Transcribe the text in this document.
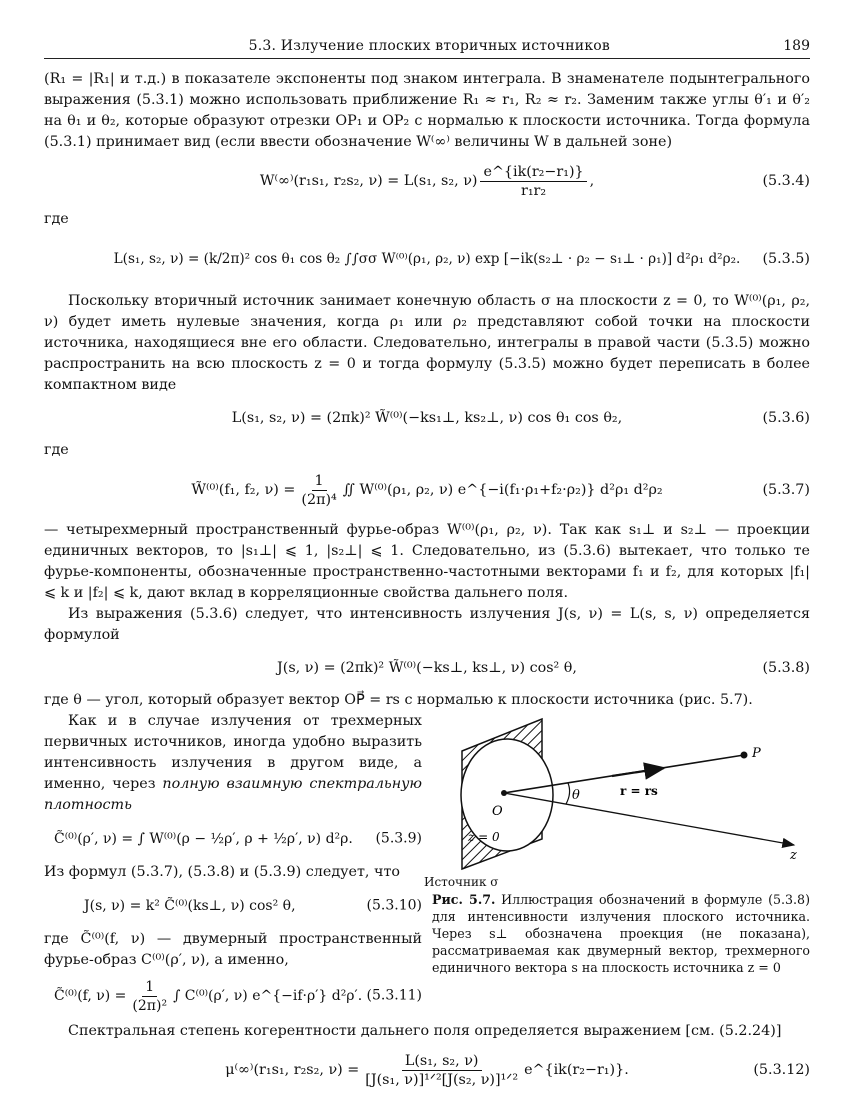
5.3. Излучение плоских вторичных источников	189

(R₁ = |R₁| и т.д.) в показателе экспоненты под знаком интеграла. В знаменателе подынтегрального выражения (5.3.1) можно использовать приближение R₁ ≈ r₁, R₂ ≈ r₂. Заменим также углы θ′₁ и θ′₂ на θ₁ и θ₂, которые образуют отрезки OP₁ и OP₂ с нормалью к плоскости источника. Тогда формула (5.3.1) принимает вид (если ввести обозначение W⁽∞⁾ величины W в дальней зоне)

W⁽∞⁾(r₁s₁, r₂s₂, ν) = L(s₁, s₂, $\nu) \frac{\text{e\textasciicircum{}\{ik(r₂−r₁)\}}}{\text{r₁r₂}}$ ,	(5.3.4)
где
L(s₁, s₂, ν) = (k/2π)² cos θ₁ cos θ₂ ∫∫σσ W⁽⁰⁾(ρ₁, ρ₂, ν) exp [−ik(s₂⊥ · ρ₂ − s₁⊥ · ρ₁)] d²ρ₁ d²ρ₂. (5.3.5)

Поскольку вторичный источник занимает конечную область σ на плоскости z = 0, то W⁽⁰⁾(ρ₁, ρ₂, ν) будет иметь нулевые значения, когда ρ₁ или ρ₂ представляют собой точки на плоскости источника, находящиеся вне его области. Следовательно, интегралы в правой части (5.3.5) можно распространить на всю плоскость z = 0 и тогда формулу (5.3.5) можно будет переписать в более компактном виде

L(s₁, s₂, ν) = (2πk)² W̃⁽⁰⁾(−ks₁⊥, ks₂⊥, ν) cos θ₁ cos θ₂,	(5.3.6)
где
W̃⁽⁰⁾(f₁, f₂, $\nu) = \frac{1}{\text{(2π)⁴}}$ ∬ W⁽⁰⁾(ρ₁, ρ₂, ν) e^{−i(f₁·ρ₁+f₂·ρ₂)} d²ρ₁ d²ρ₂	(5.3.7)

— четырехмерный пространственный фурье-образ W⁽⁰⁾(ρ₁, ρ₂, ν). Так как s₁⊥ и s₂⊥ — проекции единичных векторов, то |s₁⊥| ⩽ 1, |s₂⊥| ⩽ 1. Следовательно, из (5.3.6) вытекает, что только те фурье-компоненты, обозначенные пространственно-частотными векторами f₁ и f₂, для которых |f₁| ⩽ k и |f₂| ⩽ k, дают вклад в корреляционные свойства дальнего поля.

Из выражения (5.3.6) следует, что интенсивность излучения J(s, ν) = L(s, s, ν) определяется формулой

J(s, ν) = (2πk)² W̃⁽⁰⁾(−ks⊥, ks⊥, ν) cos² θ,	(5.3.8)

где θ — угол, который образует вектор OP⃗ = rs с нормалью к плоскости источника (рис. 5.7).

Как и в случае излучения от трехмерных первичных источников, иногда удобно выразить интенсивность излучения в другом виде, а именно, через полную взаимную спектральную плотность

C̃⁽⁰⁾(ρ′, ν) = ∫ W⁽⁰⁾(ρ − ½ρ′, ρ + ½ρ′, ν) d²ρ. (5.3.9)

Из формул (5.3.7), (5.3.8) и (5.3.9) следует, что

J(s, ν) = k² C̃⁽⁰⁾(ks⊥, ν) cos² θ,	(5.3.10)

где C̃⁽⁰⁾(f, ν) — двумерный пространственный фурье-образ C⁽⁰⁾(ρ′, ν), а именно,

C̃⁽⁰⁾(f, $\nu) = \frac{1}{\text{(2π)²}}$ ∫ C⁽⁰⁾(ρ′, ν) e^{−if·ρ′} d²ρ′. (5.3.11)
P
O
θ	r = rs
z = 0
z
Источник σ
Рис. 5.7. Иллюстрация обозначений в формуле (5.3.8) для интенсивности излучения плоского источника. Через s⊥ обозначена проекция (не показана), рассматриваемая как двумерный вектор, трехмерного единичного вектора s на плоскость источника z = 0

Спектральная степень когерентности дальнего поля определяется выражением [см. (5.2.24)]

μ⁽∞⁾(r₁s₁, r₂s₂, $\nu) = \frac{\text{L(s₁, s₂, ν)}}{\text{[J(s₁, ν)]¹ᐟ²[J(s₂, ν)]¹ᐟ²}}$ e^{ik(r₂−r₁)}.	(5.3.12)
